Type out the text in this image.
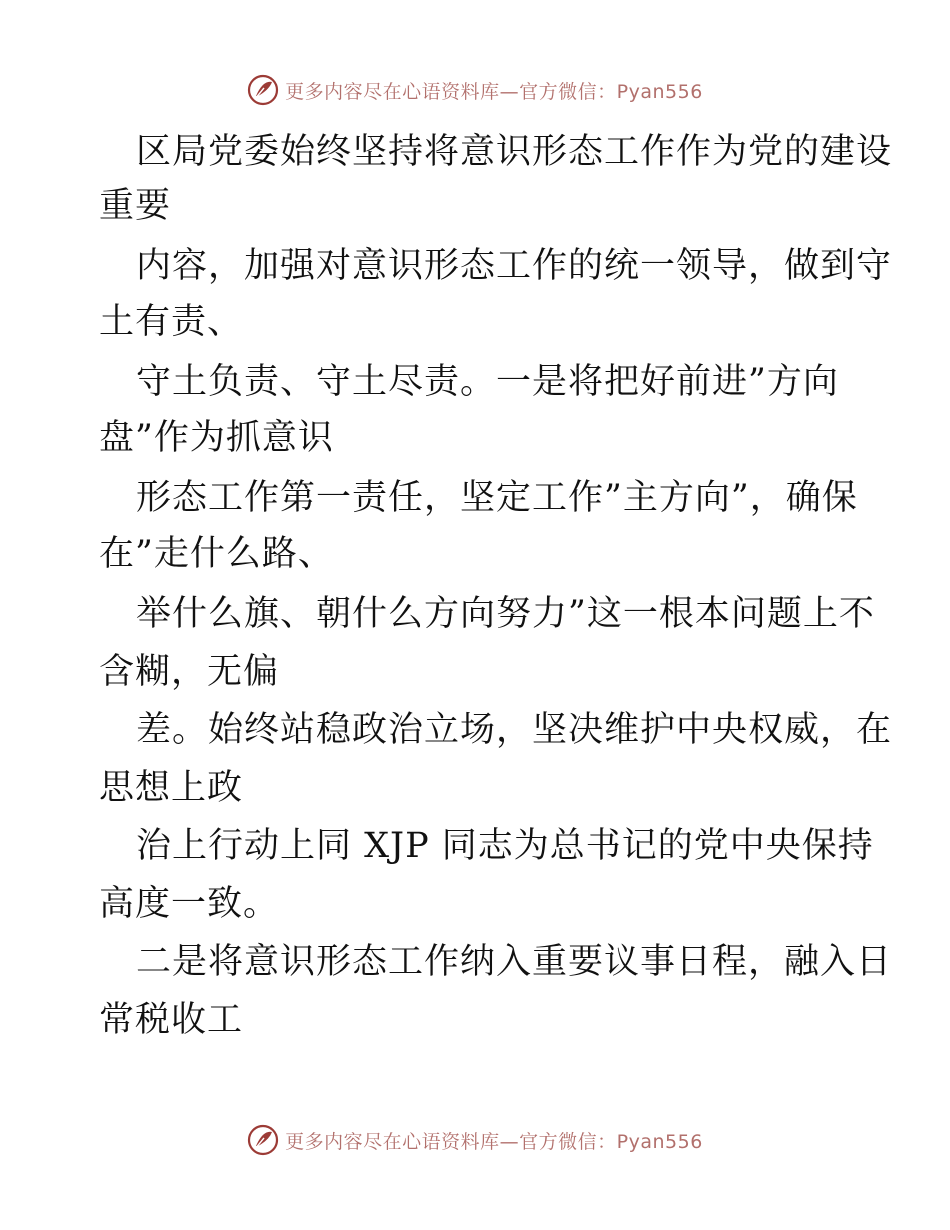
更多内容尽在心语资料库—官方微信：Pyan556
区局党委始终坚持将意识形态工作作为党的建设
重要
内容，加强对意识形态工作的统一领导，做到守
土有责、
守土负责、守土尽责。一是将把好前进”方向
盘”作为抓意识
形态工作第一责任，坚定工作”主方向”，确保
在”走什么路、
举什么旗、朝什么方向努力”这一根本问题上不
含糊，无偏
差。始终站稳政治立场，坚决维护中央权威，在
思想上政
治上行动上同 XJP 同志为总书记的党中央保持
高度一致。
二是将意识形态工作纳入重要议事日程，融入日
常税收工
更多内容尽在心语资料库—官方微信：Pyan556
